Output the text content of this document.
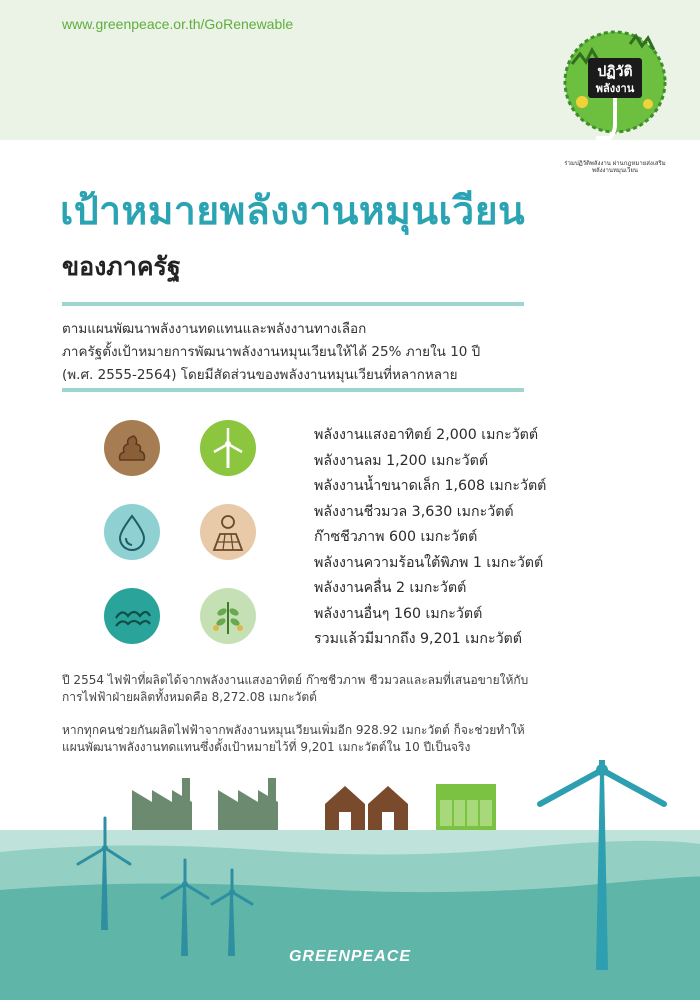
www.greenpeace.or.th/GoRenewable
ปฏิวัติ
พลังงาน
ร่วมปฏิวัติพลังงาน ผ่านกฎหมายส่งเสริมพลังงานหมุนเวียน
เป้าหมายพลังงานหมุนเวียน
ของภาครัฐ
ตามแผนพัฒนาพลังงานทดแทนและพลังงานทางเลือก
ภาครัฐตั้งเป้าหมายการพัฒนาพลังงานหมุนเวียนให้ได้ 25% ภายใน 10 ปี
(พ.ศ. 2555-2564) โดยมีสัดส่วนของพลังงานหมุนเวียนที่หลากหลาย
พลังงานแสงอาทิตย์ 2,000 เมกะวัตต์
พลังงานลม 1,200 เมกะวัตต์
พลังงานน้ำขนาดเล็ก 1,608 เมกะวัตต์
พลังงานชีวมวล 3,630 เมกะวัตต์
ก๊าซชีวภาพ 600 เมกะวัตต์
พลังงานความร้อนใต้พิภพ 1 เมกะวัตต์
พลังงานคลื่น 2 เมกะวัตต์
พลังงานอื่นๆ 160 เมกะวัตต์
รวมแล้วมีมากถึง 9,201 เมกะวัตต์
ปี 2554 ไฟฟ้าที่ผลิตได้จากพลังงานแสงอาทิตย์ ก๊าซชีวภาพ ชีวมวลและลมที่เสนอขายให้กับ
การไฟฟ้าฝ่ายผลิตทั้งหมดคือ 8,272.08 เมกะวัตต์
หากทุกคนช่วยกันผลิตไฟฟ้าจากพลังงานหมุนเวียนเพิ่มอีก 928.92 เมกะวัตต์ ก็จะช่วยทำให้
แผนพัฒนาพลังงานทดแทนซึ่งตั้งเป้าหมายไว้ที่ 9,201 เมกะวัตต์ใน 10 ปีเป็นจริง
GREENPEACE
